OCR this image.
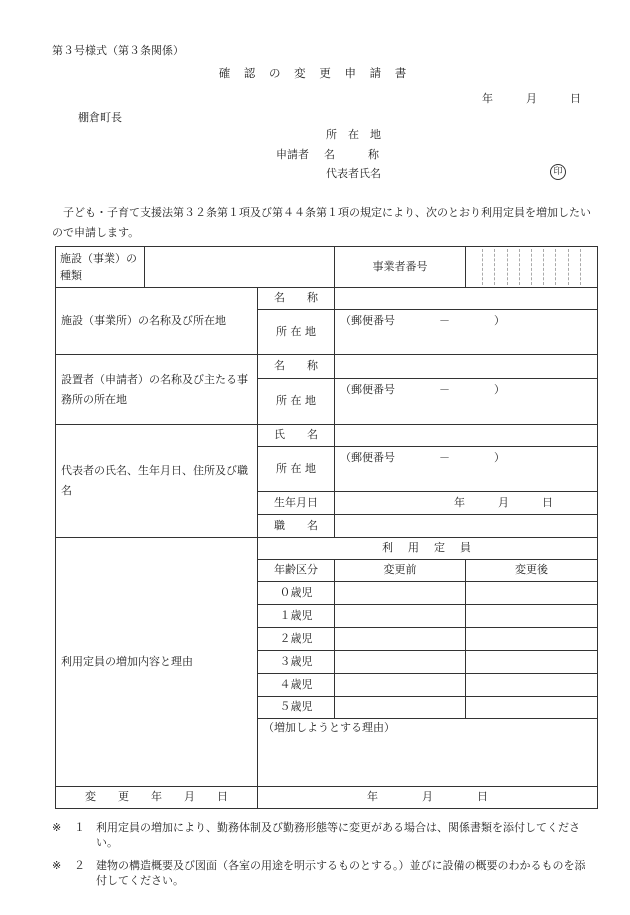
第３号様式（第３条関係）
確 認 の 変 更 申 請 書
年	月	日
棚倉町長
所　在　地
申請者 名　　　称
代表者氏名	印
子ども・子育て支援法第３２条第１項及び第４４条第１項の規定により、次のとおり利用定員を増加したいので申請します。
施設（事業）の種類			事業者番号	

施設（事業所）の名称及び所在地		名　　称		
		所 在 地	（郵便番号　　　　－　　　　）	

設置者（申請者）の名称及び主たる事務所の所在地		名　　称		
		所 在 地	（郵便番号　　　　－　　　　）	

代表者の氏名、生年月日、住所及び職名		氏　　名		
		所 在 地	（郵便番号　　　　－　　　　）	

		生年月日	年　　　月　　　日	
		職　　名		
利用定員の増加内容と理由		利　用　定　員		
		年齢区分	変更前	変更後
		０歳児		
		１歳児		
		２歳児		
		３歳児		
		４歳児		
		５歳児		
		（増加しようとする理由）		
変　　更　　年　　月　　日		年　　　　月　　　　日		
※	１	利用定員の増加により、勤務体制及び勤務形態等に変更がある場合は、関係書類を添付してください。
※	２	建物の構造概要及び図面（各室の用途を明示するものとする。）並びに設備の概要のわかるものを添付してください。
